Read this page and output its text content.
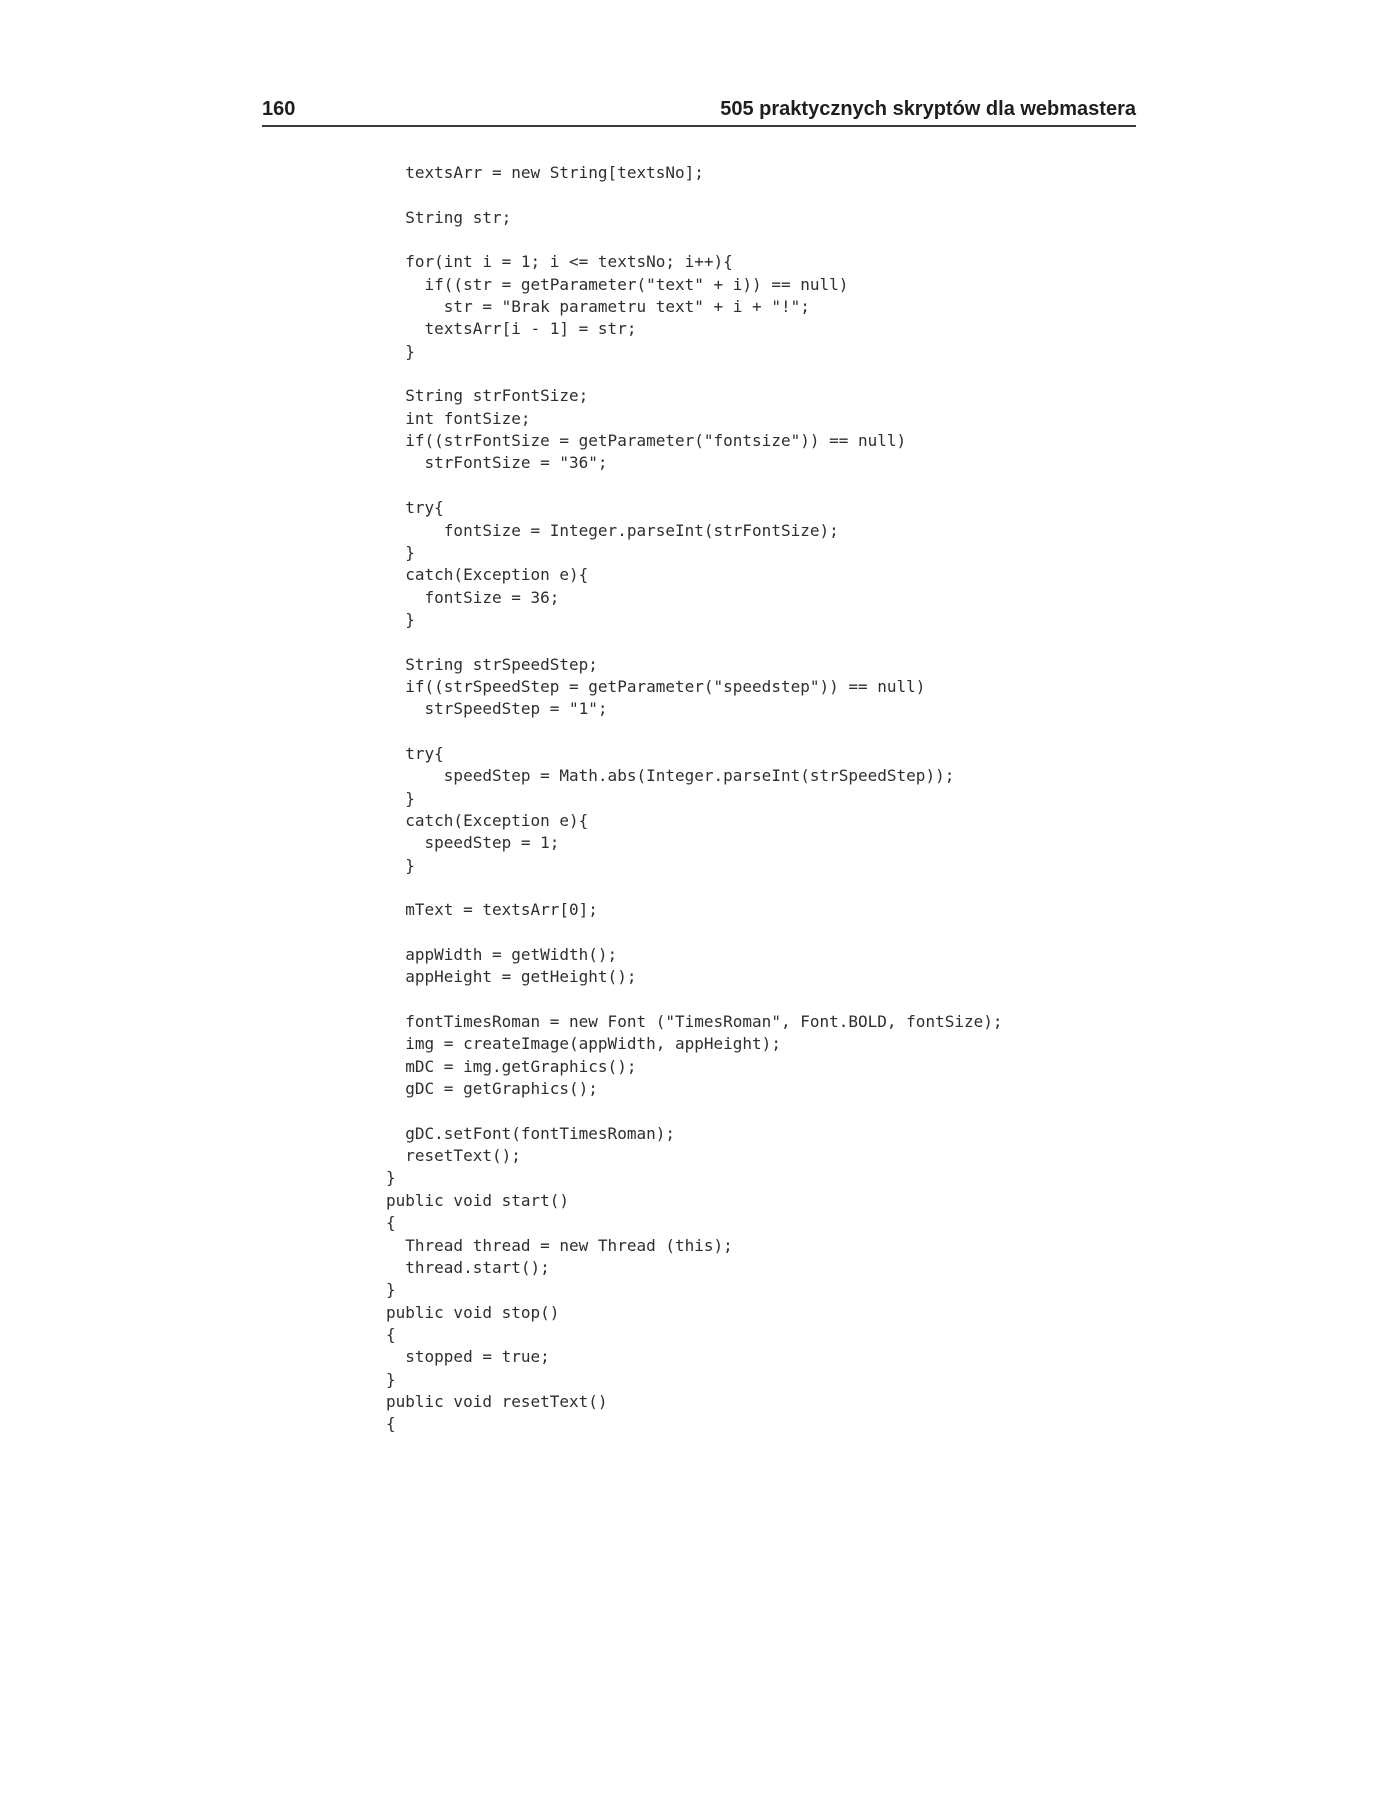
160	505 praktycznych skryptów dla webmastera
textsArr = new String[textsNo];
String str;
for(int i = 1; i <= textsNo; i++){
if((str = getParameter("text" + i)) == null)
str = "Brak parametru text" + i + "!";
textsArr[i - 1] = str;
}
String strFontSize;
int fontSize;
if((strFontSize = getParameter("fontsize")) == null)
strFontSize = "36";
try{
fontSize = Integer.parseInt(strFontSize);
}
catch(Exception e){
fontSize = 36;
}
String strSpeedStep;
if((strSpeedStep = getParameter("speedstep")) == null)
strSpeedStep = "1";
try{
speedStep = Math.abs(Integer.parseInt(strSpeedStep));
}
catch(Exception e){
speedStep = 1;
}
mText = textsArr[0];
appWidth = getWidth();
appHeight = getHeight();
fontTimesRoman = new Font ("TimesRoman", Font.BOLD, fontSize);
img = createImage(appWidth, appHeight);
mDC = img.getGraphics();
gDC = getGraphics();
gDC.setFont(fontTimesRoman);
resetText();
}
public void start()
{
Thread thread = new Thread (this);
thread.start();
}
public void stop()
{
stopped = true;
}
public void resetText()
{
